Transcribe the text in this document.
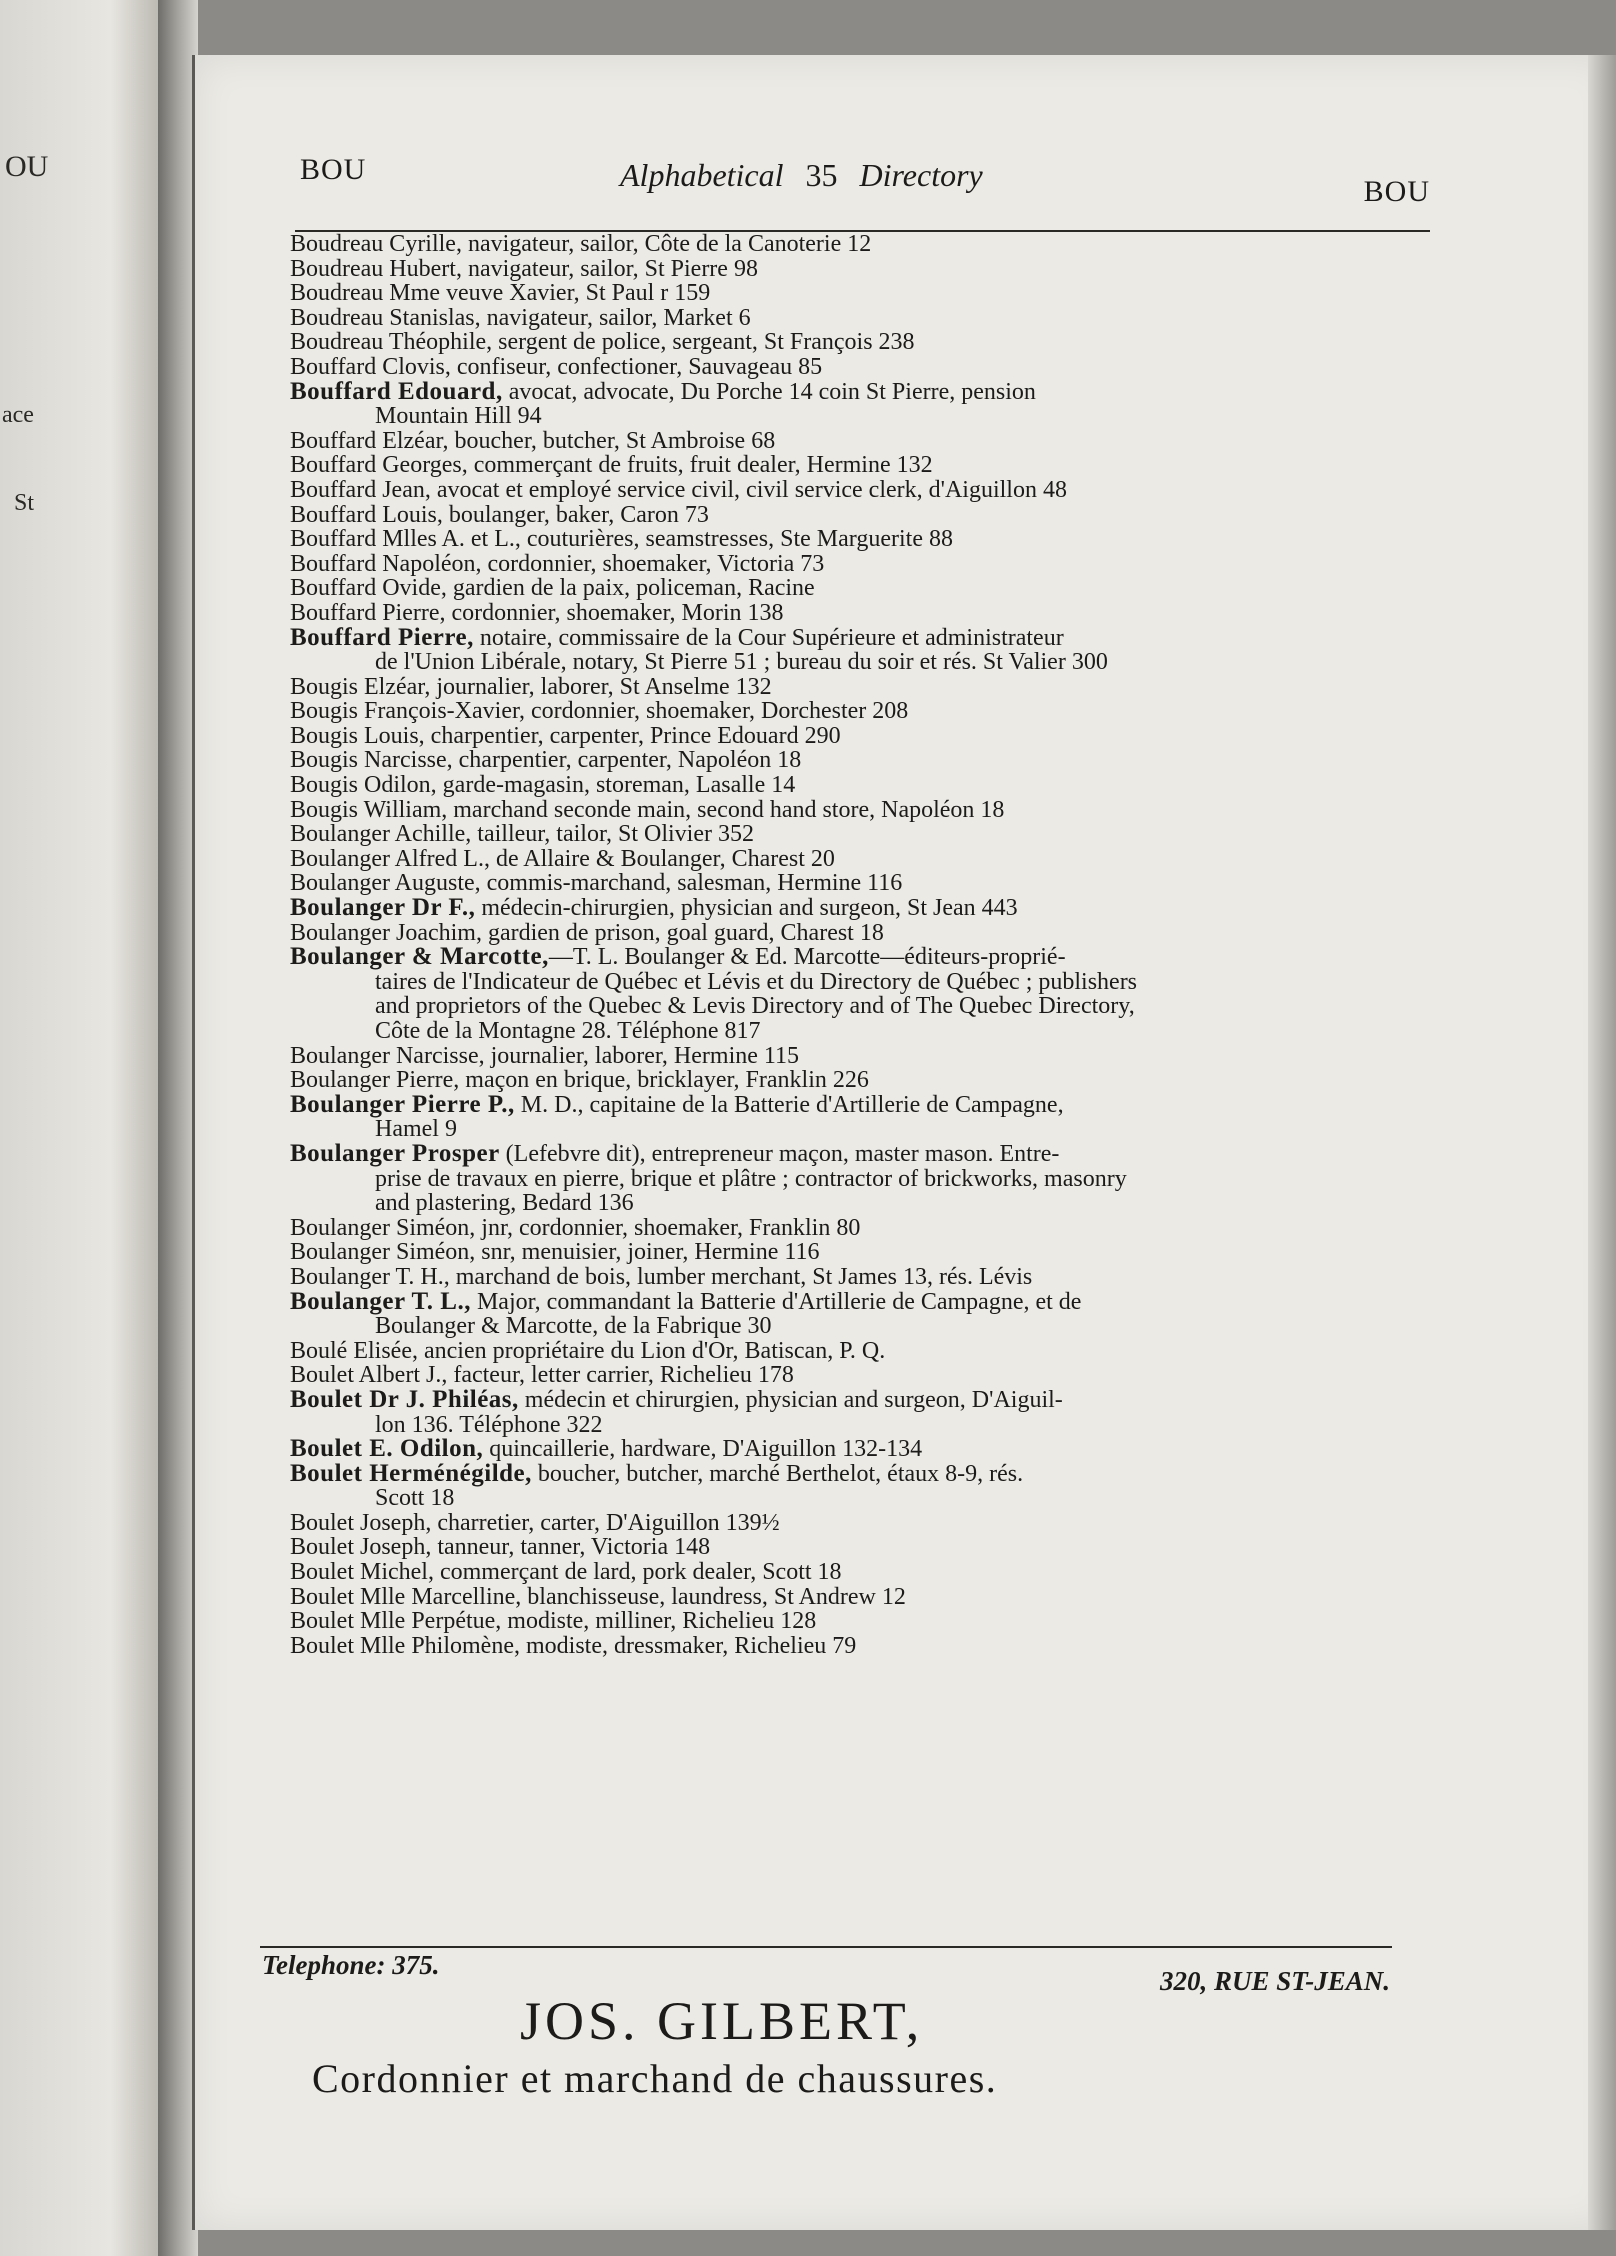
OU
ace
St
BOU	Alphabetical 35 Directory	BOU
Boudreau Cyrille, navigateur, sailor, Côte de la Canoterie 12
Boudreau Hubert, navigateur, sailor, St Pierre 98
Boudreau Mme veuve Xavier, St Paul r 159
Boudreau Stanislas, navigateur, sailor, Market 6
Boudreau Théophile, sergent de police, sergeant, St François 238
Bouffard Clovis, confiseur, confectioner, Sauvageau 85
Bouffard Edouard, avocat, advocate, Du Porche 14 coin St Pierre, pension
Mountain Hill 94
Bouffard Elzéar, boucher, butcher, St Ambroise 68
Bouffard Georges, commerçant de fruits, fruit dealer, Hermine 132
Bouffard Jean, avocat et employé service civil, civil service clerk, d'Aiguillon 48
Bouffard Louis, boulanger, baker, Caron 73
Bouffard Mlles A. et L., couturières, seamstresses, Ste Marguerite 88
Bouffard Napoléon, cordonnier, shoemaker, Victoria 73
Bouffard Ovide, gardien de la paix, policeman, Racine
Bouffard Pierre, cordonnier, shoemaker, Morin 138
Bouffard Pierre, notaire, commissaire de la Cour Supérieure et administrateur
de l'Union Libérale, notary, St Pierre 51 ; bureau du soir et rés. St Valier 300
Bougis Elzéar, journalier, laborer, St Anselme 132
Bougis François-Xavier, cordonnier, shoemaker, Dorchester 208
Bougis Louis, charpentier, carpenter, Prince Edouard 290
Bougis Narcisse, charpentier, carpenter, Napoléon 18
Bougis Odilon, garde-magasin, storeman, Lasalle 14
Bougis William, marchand seconde main, second hand store, Napoléon 18
Boulanger Achille, tailleur, tailor, St Olivier 352
Boulanger Alfred L., de Allaire & Boulanger, Charest 20
Boulanger Auguste, commis-marchand, salesman, Hermine 116
Boulanger Dr F., médecin-chirurgien, physician and surgeon, St Jean 443
Boulanger Joachim, gardien de prison, goal guard, Charest 18
Boulanger & Marcotte,—T. L. Boulanger & Ed. Marcotte—éditeurs-proprié-
taires de l'Indicateur de Québec et Lévis et du Directory de Québec ; publishers
and proprietors of the Quebec & Levis Directory and of The Quebec Directory,
Côte de la Montagne 28. Téléphone 817
Boulanger Narcisse, journalier, laborer, Hermine 115
Boulanger Pierre, maçon en brique, bricklayer, Franklin 226
Boulanger Pierre P., M. D., capitaine de la Batterie d'Artillerie de Campagne,
Hamel 9
Boulanger Prosper (Lefebvre dit), entrepreneur maçon, master mason. Entre-
prise de travaux en pierre, brique et plâtre ; contractor of brickworks, masonry
and plastering, Bedard 136
Boulanger Siméon, jnr, cordonnier, shoemaker, Franklin 80
Boulanger Siméon, snr, menuisier, joiner, Hermine 116
Boulanger T. H., marchand de bois, lumber merchant, St James 13, rés. Lévis
Boulanger T. L., Major, commandant la Batterie d'Artillerie de Campagne, et de
Boulanger & Marcotte, de la Fabrique 30
Boulé Elisée, ancien propriétaire du Lion d'Or, Batiscan, P. Q.
Boulet Albert J., facteur, letter carrier, Richelieu 178
Boulet Dr J. Philéas, médecin et chirurgien, physician and surgeon, D'Aiguil-
lon 136. Téléphone 322
Boulet E. Odilon, quincaillerie, hardware, D'Aiguillon 132-134
Boulet Herménégilde, boucher, butcher, marché Berthelot, étaux 8-9, rés.
Scott 18
Boulet Joseph, charretier, carter, D'Aiguillon 139½
Boulet Joseph, tanneur, tanner, Victoria 148
Boulet Michel, commerçant de lard, pork dealer, Scott 18
Boulet Mlle Marcelline, blanchisseuse, laundress, St Andrew 12
Boulet Mlle Perpétue, modiste, milliner, Richelieu 128
Boulet Mlle Philomène, modiste, dressmaker, Richelieu 79
Telephone: 375.
320, RUE ST-JEAN.
JOS. GILBERT,
Cordonnier et marchand de chaussures.
